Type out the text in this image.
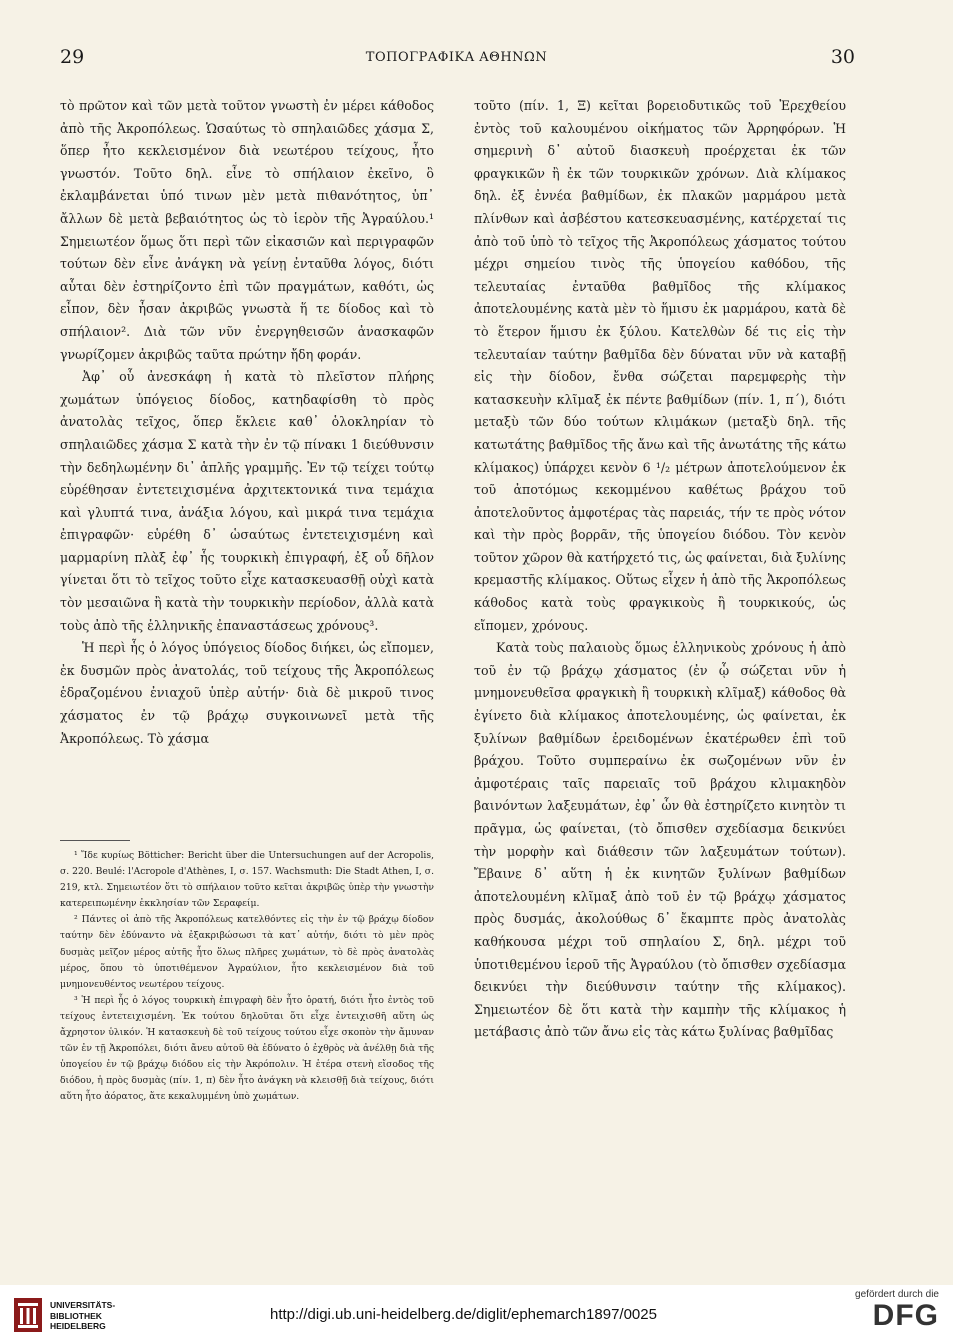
29	ΤΟΠΟΓΡΑΦΙΚΑ ΑΘΗΝΩΝ	30

τὸ πρῶτον καὶ τῶν μετὰ τοῦτον γνωστὴ ἐν μέρει κάθοδος ἀπὸ τῆς Ἀκροπόλεως. Ὡσαύτως τὸ σπηλαιῶδες χάσμα Σ, ὅπερ ἦτο κεκλεισμένον διὰ νεωτέρου τείχους, ἦτο γνωστόν. Τοῦτο δηλ. εἶνε τὸ σπήλαιον ἐκεῖνο, ὃ ἐκλαμβάνεται ὑπό τινων μὲν μετὰ πιθανότητος, ὑπ᾽ ἄλλων δὲ μετὰ βεβαιότητος ὡς τὸ ἱερὸν τῆς Ἀγραύλου.¹ Σημειωτέον ὅμως ὅτι περὶ τῶν εἰκασιῶν καὶ περιγραφῶν τούτων δὲν εἶνε ἀνάγκη νὰ γείνῃ ἐνταῦθα λόγος, διότι αὗται δὲν ἐστηρίζοντο ἐπὶ τῶν πραγμάτων, καθότι, ὡς εἶπον, δὲν ἦσαν ἀκριβῶς γνωστὰ ἥ τε δίοδος καὶ τὸ σπήλαιον². Διὰ τῶν νῦν ἐνεργηθεισῶν ἀνασκαφῶν γνωρίζομεν ἀκριβῶς ταῦτα πρώτην ἤδη φοράν.

Ἀφ᾽ οὗ ἀνεσκάφη ἡ κατὰ τὸ πλεῖστον πλήρης χωμάτων ὑπόγειος δίοδος, κατηδαφίσθη τὸ πρὸς ἀνατολὰς τεῖχος, ὅπερ ἔκλειε καθ᾽ ὁλοκληρίαν τὸ σπηλαιῶδες χάσμα Σ κατὰ τὴν ἐν τῷ πίνακι 1 διεύθυνσιν τὴν δεδηλωμένην δι᾽ ἁπλῆς γραμμῆς. Ἐν τῷ τείχει τούτῳ εὑρέθησαν ἐντετειχισμένα ἀρχιτεκτονικά τινα τεμάχια καὶ γλυπτά τινα, ἀνάξια λόγου, καὶ μικρά τινα τεμάχια ἐπιγραφῶν· εὑρέθη δ᾽ ὡσαύτως ἐντετειχισμένη καὶ μαρμαρίνη πλὰξ ἐφ᾽ ἧς τουρκικὴ ἐπιγραφή, ἐξ οὗ δῆλον γίνεται ὅτι τὸ τεῖχος τοῦτο εἶχε κατασκευασθῇ οὐχὶ κατὰ τὸν μεσαιῶνα ἢ κατὰ τὴν τουρκικὴν περίοδον, ἀλλὰ κατὰ τοὺς ἀπὸ τῆς ἑλληνικῆς ἐπαναστάσεως χρόνους³.

Ἡ περὶ ἧς ὁ λόγος ὑπόγειος δίοδος διήκει, ὡς εἴπομεν, ἐκ δυσμῶν πρὸς ἀνατολάς, τοῦ τείχους τῆς Ἀκροπόλεως ἑδραζομένου ἐνιαχοῦ ὑπὲρ αὐτήν· διὰ δὲ μικροῦ τινος χάσματος ἐν τῷ βράχῳ συγκοινωνεῖ μετὰ τῆς Ἀκροπόλεως. Τὸ χάσμα

¹ Ἴδε κυρίως Bötticher: Bericht über die Untersuchungen auf der Acropolis, σ. 220. Beulé: l'Acropole d'Athènes, I, σ. 157. Wachsmuth: Die Stadt Athen, I, σ. 219, κτλ. Σημειωτέον ὅτι τὸ σπήλαιον τοῦτο κεῖται ἀκριβῶς ὑπὲρ τὴν γνωστὴν κατερειπωμένην ἐκκλησίαν τῶν Σεραφείμ.

² Πάντες οἱ ἀπὸ τῆς Ἀκροπόλεως κατελθόντες εἰς τὴν ἐν τῷ βράχῳ δίοδον ταύτην δὲν ἐδύναντο νὰ ἐξακριβώσωσι τὰ κατ᾽ αὐτήν, διότι τὸ μὲν πρὸς δυσμὰς μεῖζον μέρος αὐτῆς ἦτο ὅλως πλῆρες χωμάτων, τὸ δὲ πρὸς ἀνατολὰς μέρος, ὅπου τὸ ὑποτιθέμενον Ἀγραύλιον, ἦτο κεκλεισμένον διὰ τοῦ μνημονευθέντος νεωτέρου τείχους.

³ Ἡ περὶ ἧς ὁ λόγος τουρκικὴ ἐπιγραφὴ δὲν ἦτο ὁρατή, διότι ἦτο ἐντὸς τοῦ τείχους ἐντετειχισμένη. Ἐκ τούτου δηλοῦται ὅτι εἶχε ἐντειχισθῆ αὕτη ὡς ἄχρηστον ὑλικόν. Ἡ κατασκευὴ δὲ τοῦ τείχους τούτου εἶχε σκοπὸν τὴν ἄμυναν τῶν ἐν τῇ Ἀκροπόλει, διότι ἄνευ αὐτοῦ θὰ ἐδύνατο ὁ ἐχθρὸς νὰ ἀνέλθῃ διὰ τῆς ὑπογείου ἐν τῷ βράχῳ διόδου εἰς τὴν Ἀκρόπολιν. Ἡ ἑτέρα στενὴ εἴσοδος τῆς διόδου, ἡ πρὸς δυσμὰς (πίν. 1, π) δὲν ἦτο ἀνάγκη νὰ κλεισθῇ διὰ τείχους, διότι αὕτη ἦτο ἀόρατος, ἅτε κεκαλυμμένη ὑπὸ χωμάτων.

τοῦτο (πίν. 1, Ξ) κεῖται βορειοδυτικῶς τοῦ Ἐρεχθείου ἐντὸς τοῦ καλουμένου οἰκήματος τῶν Ἀρρηφόρων. Ἡ σημερινὴ δ᾽ αὐτοῦ διασκευὴ προέρχεται ἐκ τῶν φραγκικῶν ἢ ἐκ τῶν τουρκικῶν χρόνων. Διὰ κλίμακος δηλ. ἐξ ἐννέα βαθμίδων, ἐκ πλακῶν μαρμάρου μετὰ πλίνθων καὶ ἀσβέστου κατεσκευασμένης, κατέρχεταί τις ἀπὸ τοῦ ὑπὸ τὸ τεῖχος τῆς Ἀκροπόλεως χάσματος τούτου μέχρι σημείου τινὸς τῆς ὑπογείου καθόδου, τῆς τελευταίας ἐνταῦθα βαθμῖδος τῆς κλίμακος ἀποτελουμένης κατὰ μὲν τὸ ἥμισυ ἐκ μαρμάρου, κατὰ δὲ τὸ ἕτερον ἥμισυ ἐκ ξύλου. Κατελθὼν δέ τις εἰς τὴν τελευταίαν ταύτην βαθμῖδα δὲν δύναται νῦν νὰ καταβῇ εἰς τὴν δίοδον, ἔνθα σώζεται παρεμφερὴς τὴν κατασκευὴν κλῖμαξ ἐκ πέντε βαθμίδων (πίν. 1, π΄), διότι μεταξὺ τῶν δύο τούτων κλιμάκων (μεταξὺ δηλ. τῆς κατωτάτης βαθμῖδος τῆς ἄνω καὶ τῆς ἀνωτάτης τῆς κάτω κλίμακος) ὑπάρχει κενὸν 6 ¹/₂ μέτρων ἀποτελούμενον ἐκ τοῦ ἀποτόμως κεκομμένου καθέτως βράχου τοῦ ἀποτελοῦντος ἀμφοτέρας τὰς παρειάς, τήν τε πρὸς νότον καὶ τὴν πρὸς βορρᾶν, τῆς ὑπογείου διόδου. Τὸν κενὸν τοῦτον χῶρον θὰ κατήρχετό τις, ὡς φαίνεται, διὰ ξυλίνης κρεμαστῆς κλίμακος. Οὕτως εἶχεν ἡ ἀπὸ τῆς Ἀκροπόλεως κάθοδος κατὰ τοὺς φραγκικοὺς ἢ τουρκικούς, ὡς εἴπομεν, χρόνους.

Κατὰ τοὺς παλαιοὺς ὅμως ἑλληνικοὺς χρόνους ἡ ἀπὸ τοῦ ἐν τῷ βράχῳ χάσματος (ἐν ᾧ σώζεται νῦν ἡ μνημονευθεῖσα φραγκικὴ ἢ τουρκικὴ κλῖμαξ) κάθοδος θὰ ἐγίνετο διὰ κλίμακος ἀποτελουμένης, ὡς φαίνεται, ἐκ ξυλίνων βαθμίδων ἐρειδομένων ἑκατέρωθεν ἐπὶ τοῦ βράχου. Τοῦτο συμπεραίνω ἐκ σωζομένων νῦν ἐν ἀμφοτέραις ταῖς παρειαῖς τοῦ βράχου κλιμακηδὸν βαινόντων λαξευμάτων, ἐφ᾽ ὧν θὰ ἐστηρίζετο κινητὸν τι πρᾶγμα, ὡς φαίνεται, (τὸ ὄπισθεν σχεδίασμα δεικνύει τὴν μορφὴν καὶ διάθεσιν τῶν λαξευμάτων τούτων). Ἔβαινε δ᾽ αὕτη ἡ ἐκ κινητῶν ξυλίνων βαθμίδων ἀποτελουμένη κλῖμαξ ἀπὸ τοῦ ἐν τῷ βράχῳ χάσματος πρὸς δυσμάς, ἀκολούθως δ᾽ ἔκαμπτε πρὸς ἀνατολὰς καθήκουσα μέχρι τοῦ σπηλαίου Σ, δηλ. μέχρι τοῦ ὑποτιθεμένου ἱεροῦ τῆς Ἀγραύλου (τὸ ὄπισθεν σχεδίασμα δεικνύει τὴν διεύθυνσιν ταύτην τῆς κλίμακος). Σημειωτέον δὲ ὅτι κατὰ τὴν καμπὴν τῆς κλίμακος ἡ μετάβασις ἀπὸ τῶν ἄνω εἰς τὰς κάτω ξυλίνας βαθμῖδας

UNIVERSITÄTS-
BIBLIOTHEK
HEIDELBERG
http://digi.ub.uni-heidelberg.de/diglit/ephemarch1897/0025
gefördert durch die
DFG
